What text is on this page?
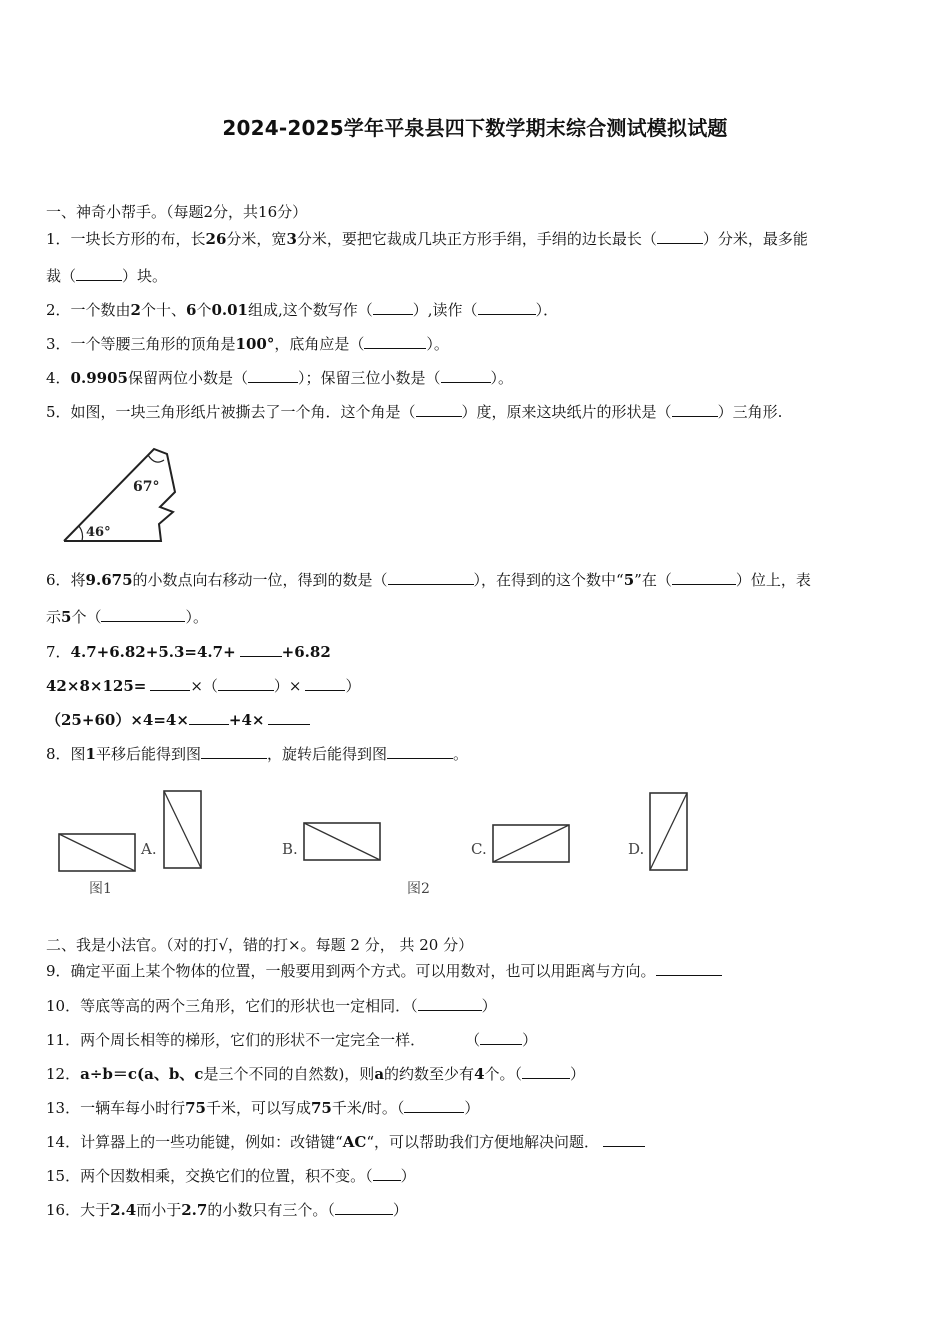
2024-2025学年平泉县四下数学期末综合测试模拟试题
一、神奇小帮手。（每题2分，共16分）
1．一块长方形的布，长26分米，宽3分米，要把它裁成几块正方形手绢，手绢的边长最长（	）分米，最多能
裁（	）块。
2．一个数由2个十、6个0.01组成,这个数写作（	）,读作（	）．
3．一个等腰三角形的顶角是100°，底角应是（	）。
4．0.9905保留两位小数是（	）；保留三位小数是（	）。
5．如图，一块三角形纸片被撕去了一个角．这个角是（	）度，原来这块纸片的形状是（	）三角形.
67°
46°
6．将9.675的小数点向右移动一位，得到的数是（	），在得到的这个数中“5”在（	）位上，表
示5个（	）。
7．4.7+6.82+5.3=4.7+	+6.82
42×8×125=	×（	）×	）
（25+60）×4=4×	+4×
8．图1平移后能得到图	，旋转后能得到图	。
A.
图1
B.
图2
C.	D.
二、我是小法官。（对的打√，错的打×。每题 2 分， 共 20 分）
9．确定平面上某个物体的位置，一般要用到两个方式。可以用数对，也可以用距离与方向。
10．等底等高的两个三角形，它们的形状也一定相同．（	）
11．两个周长相等的梯形，它们的形状不一定完全一样．	（	）
12．a÷b＝c(a、b、c是三个不同的自然数)，则a的约数至少有4个。（	）
13．一辆车每小时行75千米，可以写成75千米/时。（	）
14．计算器上的一些功能键，例如：改错键“AC“，可以帮助我们方便地解决问题．
15．两个因数相乘，交换它们的位置，积不变。（ ）
16．大于2.4而小于2.7的小数只有三个。（	）
